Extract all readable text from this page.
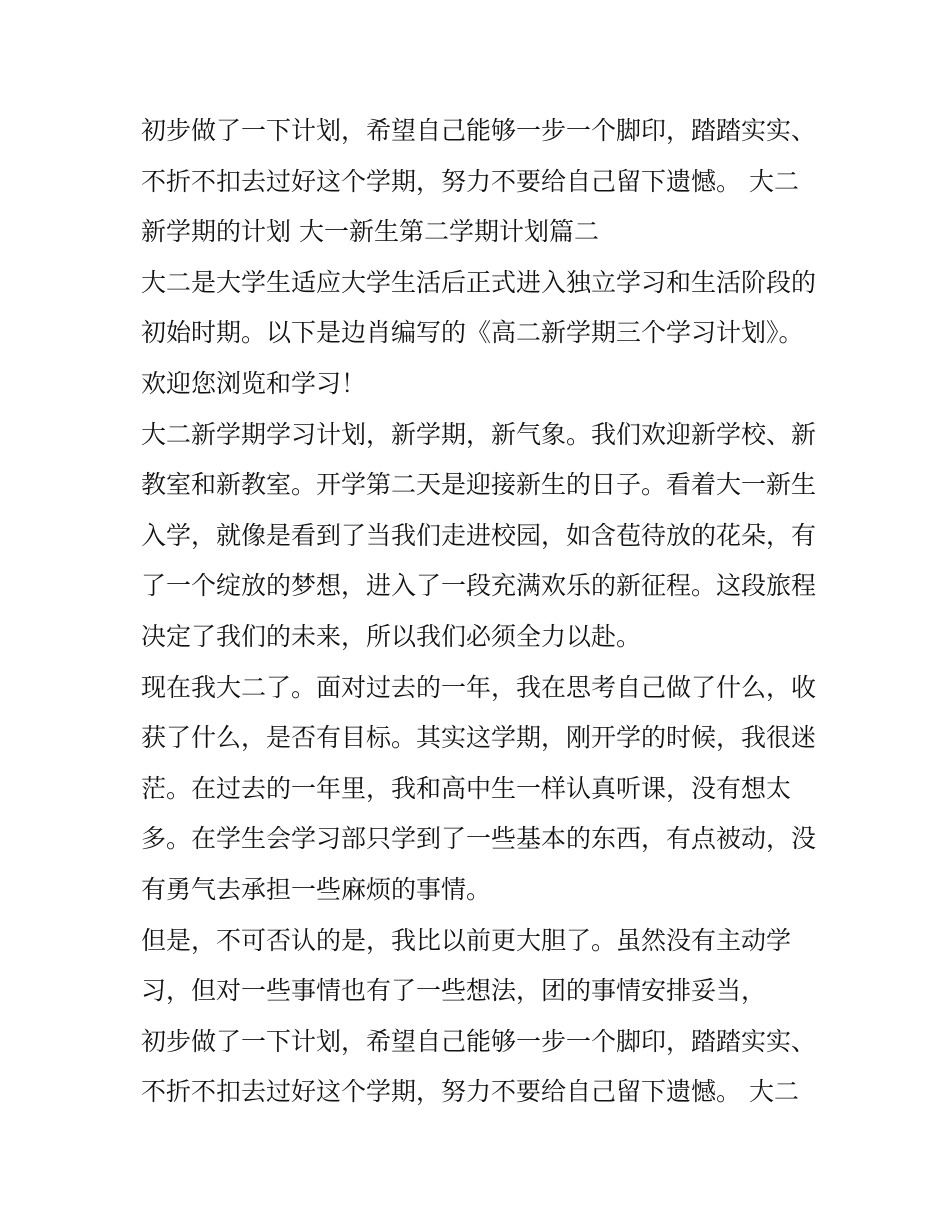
初步做了一下计划，希望自己能够一步一个脚印，踏踏实实、
不折不扣去过好这个学期，努力不要给自己留下遗憾。 大二
新学期的计划 大一新生第二学期计划篇二
大二是大学生适应大学生活后正式进入独立学习和生活阶段的
初始时期。以下是边肖编写的《高二新学期三个学习计划》。
欢迎您浏览和学习！
大二新学期学习计划，新学期，新气象。我们欢迎新学校、新
教室和新教室。开学第二天是迎接新生的日子。看着大一新生
入学，就像是看到了当我们走进校园，如含苞待放的花朵，有
了一个绽放的梦想，进入了一段充满欢乐的新征程。这段旅程
决定了我们的未来，所以我们必须全力以赴。
现在我大二了。面对过去的一年，我在思考自己做了什么，收
获了什么，是否有目标。其实这学期，刚开学的时候，我很迷
茫。在过去的一年里，我和高中生一样认真听课，没有想太
多。在学生会学习部只学到了一些基本的东西，有点被动，没
有勇气去承担一些麻烦的事情。
但是，不可否认的是，我比以前更大胆了。虽然没有主动学
习，但对一些事情也有了一些想法，团的事情安排妥当，
初步做了一下计划，希望自己能够一步一个脚印，踏踏实实、
不折不扣去过好这个学期，努力不要给自己留下遗憾。 大二
